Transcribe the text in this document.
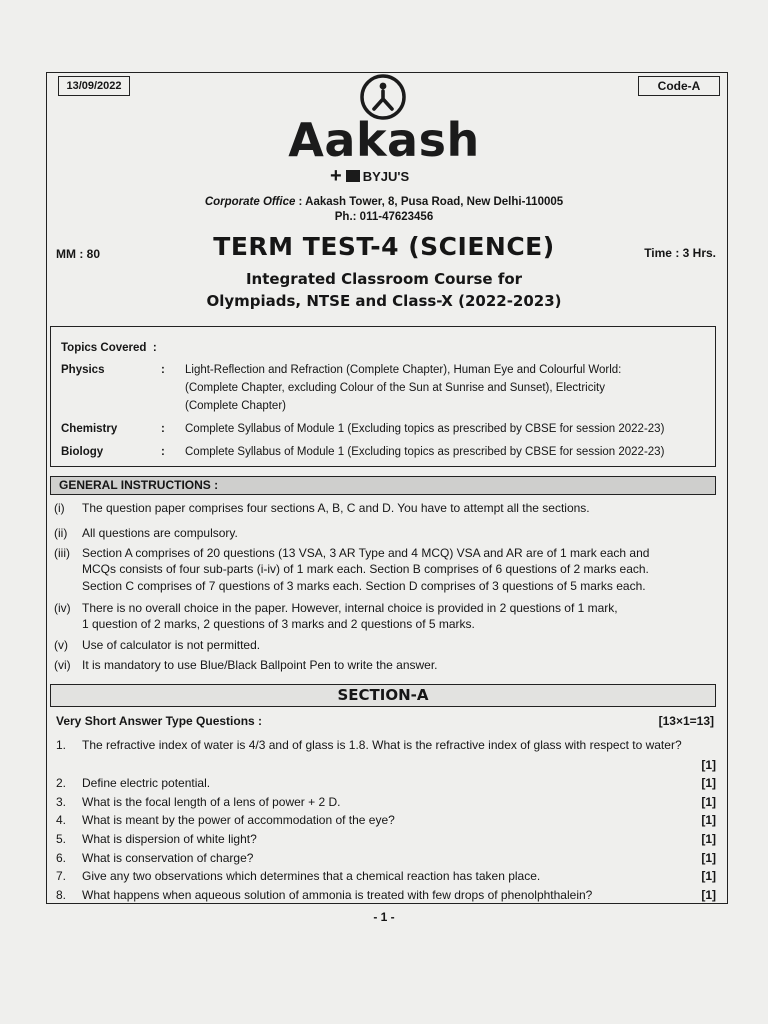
13/09/2022	Code-A
Aakash
+ BYJU'S
Corporate Office : Aakash Tower, 8, Pusa Road, New Delhi-110005
Ph.: 011-47623456
MM : 80	TERM TEST-4 (SCIENCE)	Time : 3 Hrs.
Integrated Classroom Course for
Olympiads, NTSE and Class-X (2022-2023)
Topics Covered :
Physics	: Light-Reflection and Refraction (Complete Chapter), Human Eye and Colourful World:
(Complete Chapter, excluding Colour of the Sun at Sunrise and Sunset), Electricity
(Complete Chapter)
Chemistry	: Complete Syllabus of Module 1 (Excluding topics as prescribed by CBSE for session 2022-23)
Biology	: Complete Syllabus of Module 1 (Excluding topics as prescribed by CBSE for session 2022-23)
GENERAL INSTRUCTIONS :
(i) The question paper comprises four sections A, B, C and D. You have to attempt all the sections.
(ii) All questions are compulsory.
(iii) Section A comprises of 20 questions (13 VSA, 3 AR Type and 4 MCQ) VSA and AR are of 1 mark each and
MCQs consists of four sub-parts (i-iv) of 1 mark each. Section B comprises of 6 questions of 2 marks each.
Section C comprises of 7 questions of 3 marks each. Section D comprises of 3 questions of 5 marks each.
(iv) There is no overall choice in the paper. However, internal choice is provided in 2 questions of 1 mark,
1 question of 2 marks, 2 questions of 3 marks and 2 questions of 5 marks.
(v) Use of calculator is not permitted.
(vi) It is mandatory to use Blue/Black Ballpoint Pen to write the answer.
SECTION-A
Very Short Answer Type Questions :	[13×1=13]
1. The refractive index of water is 4/3 and of glass is 1.8. What is the refractive index of glass with respect to water?
[1]
2. Define electric potential.	[1]
3. What is the focal length of a lens of power + 2 D.	[1]
4. What is meant by the power of accommodation of the eye?	[1]
5. What is dispersion of white light?	[1]
6. What is conservation of charge?	[1]
7. Give any two observations which determines that a chemical reaction has taken place.	[1]
8. What happens when aqueous solution of ammonia is treated with few drops of phenolphthalein?	[1]
- 1 -
